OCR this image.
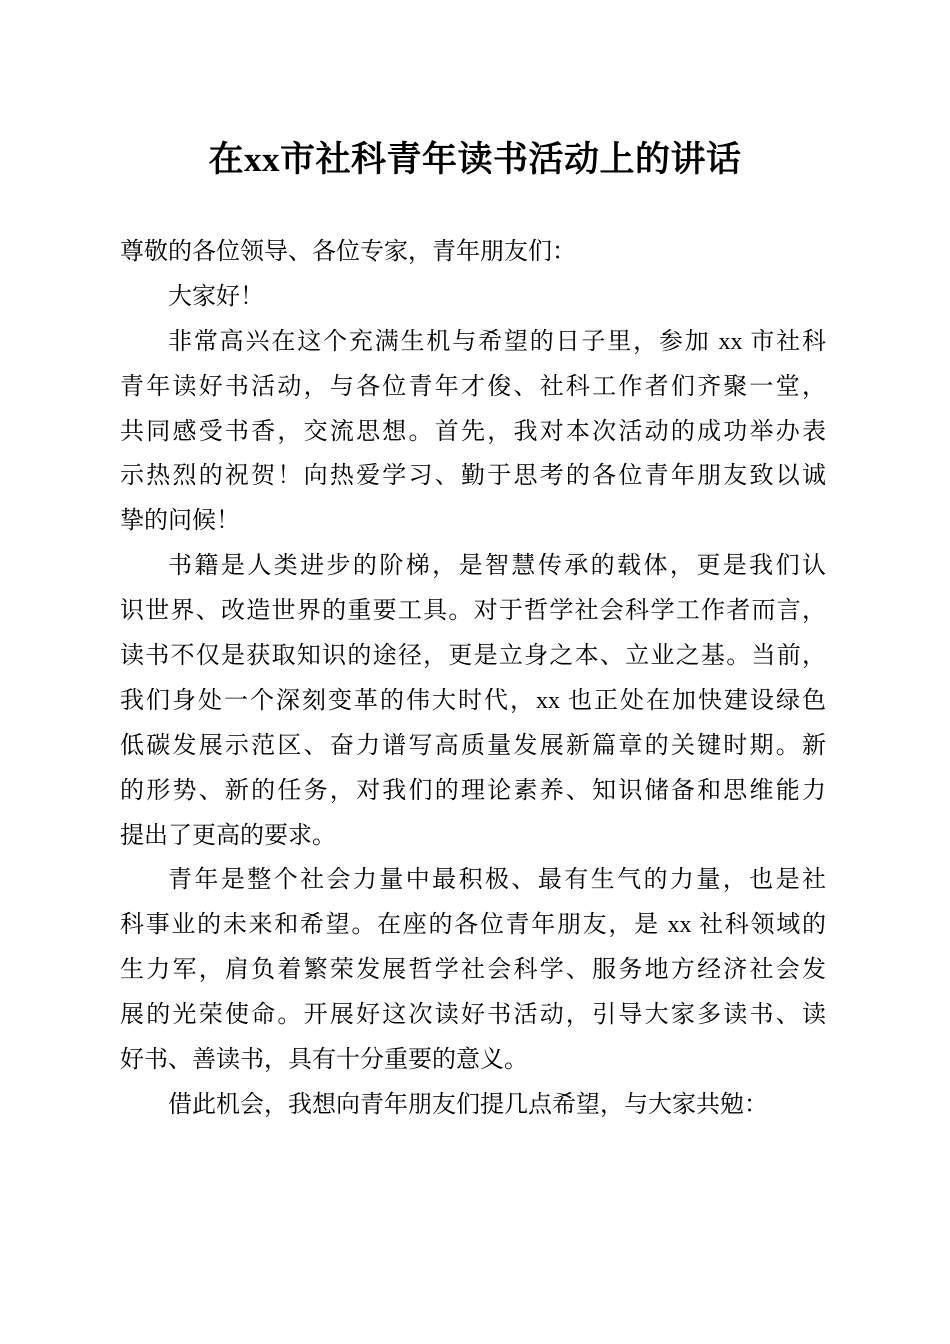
在xx市社科青年读书活动上的讲话
尊敬的各位领导、各位专家，青年朋友们：
大家好！
非常高兴在这个充满生机与希望的日子里，参加 xx 市社科
青年读好书活动，与各位青年才俊、社科工作者们齐聚一堂，
共同感受书香，交流思想。首先，我对本次活动的成功举办表
示热烈的祝贺！向热爱学习、勤于思考的各位青年朋友致以诚
挚的问候！
书籍是人类进步的阶梯，是智慧传承的载体，更是我们认
识世界、改造世界的重要工具。对于哲学社会科学工作者而言，
读书不仅是获取知识的途径，更是立身之本、立业之基。当前，
我们身处一个深刻变革的伟大时代，xx 也正处在加快建设绿色
低碳发展示范区、奋力谱写高质量发展新篇章的关键时期。新
的形势、新的任务，对我们的理论素养、知识储备和思维能力
提出了更高的要求。
青年是整个社会力量中最积极、最有生气的力量，也是社
科事业的未来和希望。在座的各位青年朋友，是 xx 社科领域的
生力军，肩负着繁荣发展哲学社会科学、服务地方经济社会发
展的光荣使命。开展好这次读好书活动，引导大家多读书、读
好书、善读书，具有十分重要的意义。
借此机会，我想向青年朋友们提几点希望，与大家共勉：
